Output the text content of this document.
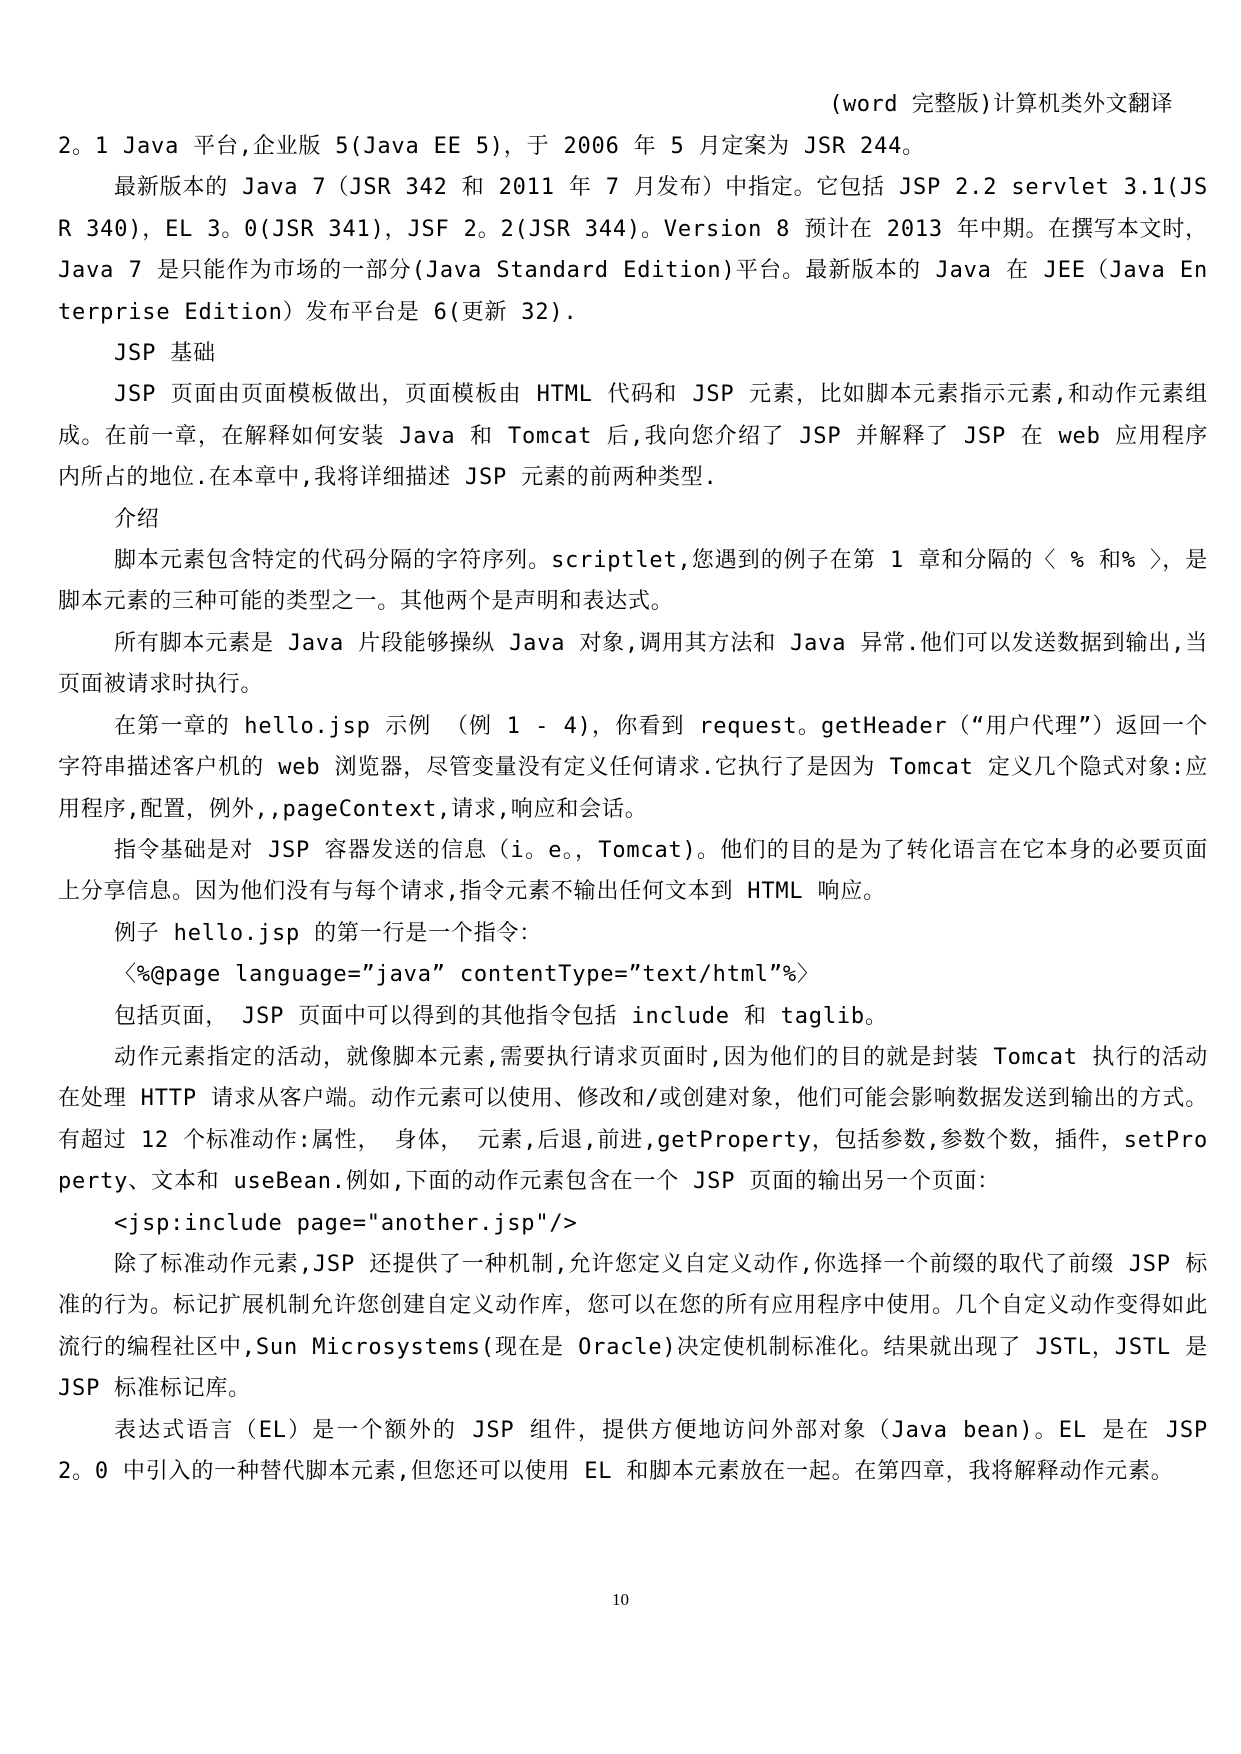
(word 完整版)计算机类外文翻译

2。1 Java 平台,企业版 5(Java EE 5)，于 2006 年 5 月定案为 JSR 244。

最新版本的 Java 7（JSR 342 和 2011 年 7 月发布）中指定。它包括 JSP 2.2 servlet 3.1(JSR 340)，EL 3。0(JSR 341)，JSF 2。2(JSR 344)。Version 8 预计在 2013 年中期。在撰写本文时，Java 7 是只能作为市场的一部分(Java Standard Edition)平台。最新版本的 Java 在 JEE（Java Enterprise Edition）发布平台是 6(更新 32).

JSP 基础

JSP 页面由页面模板做出，页面模板由 HTML 代码和 JSP 元素，比如脚本元素指示元素,和动作元素组成。在前一章，在解释如何安装 Java 和 Tomcat 后,我向您介绍了 JSP 并解释了 JSP 在 web 应用程序内所占的地位.在本章中,我将详细描述 JSP 元素的前两种类型.

介绍

脚本元素包含特定的代码分隔的字符序列。scriptlet,您遇到的例子在第 1 章和分隔的〈 % 和% 〉，是脚本元素的三种可能的类型之一。其他两个是声明和表达式。

所有脚本元素是 Java 片段能够操纵 Java 对象,调用其方法和 Java 异常.他们可以发送数据到输出,当页面被请求时执行。

在第一章的 hello.jsp 示例 （例 1 - 4)，你看到 request。getHeader（“用户代理”）返回一个字符串描述客户机的 web 浏览器，尽管变量没有定义任何请求.它执行了是因为 Tomcat 定义几个隐式对象:应用程序,配置，例外,,pageContext,请求,响应和会话。

指令基础是对 JSP 容器发送的信息（i。e。，Tomcat)。他们的目的是为了转化语言在它本身的必要页面上分享信息。因为他们没有与每个请求,指令元素不输出任何文本到 HTML 响应。

例子 hello.jsp 的第一行是一个指令：

〈%@page language=”java” contentType=”text/html”%〉

包括页面， JSP 页面中可以得到的其他指令包括 include 和 taglib。

动作元素指定的活动，就像脚本元素,需要执行请求页面时,因为他们的目的就是封装 Tomcat 执行的活动在处理 HTTP 请求从客户端。动作元素可以使用、修改和/或创建对象，他们可能会影响数据发送到输出的方式。有超过 12 个标准动作:属性， 身体， 元素,后退,前进,getProperty，包括参数,参数个数，插件，setProperty、文本和 useBean.例如,下面的动作元素包含在一个 JSP 页面的输出另一个页面：

<jsp:include page="another.jsp"/>

除了标准动作元素,JSP 还提供了一种机制,允许您定义自定义动作,你选择一个前缀的取代了前缀 JSP 标准的行为。标记扩展机制允许您创建自定义动作库，您可以在您的所有应用程序中使用。几个自定义动作变得如此流行的编程社区中,Sun Microsystems(现在是 Oracle)决定使机制标准化。结果就出现了 JSTL，JSTL 是 JSP 标准标记库。

表达式语言（EL）是一个额外的 JSP 组件，提供方便地访问外部对象（Java bean)。EL 是在 JSP 2。0 中引入的一种替代脚本元素,但您还可以使用 EL 和脚本元素放在一起。在第四章，我将解释动作元素。

10
